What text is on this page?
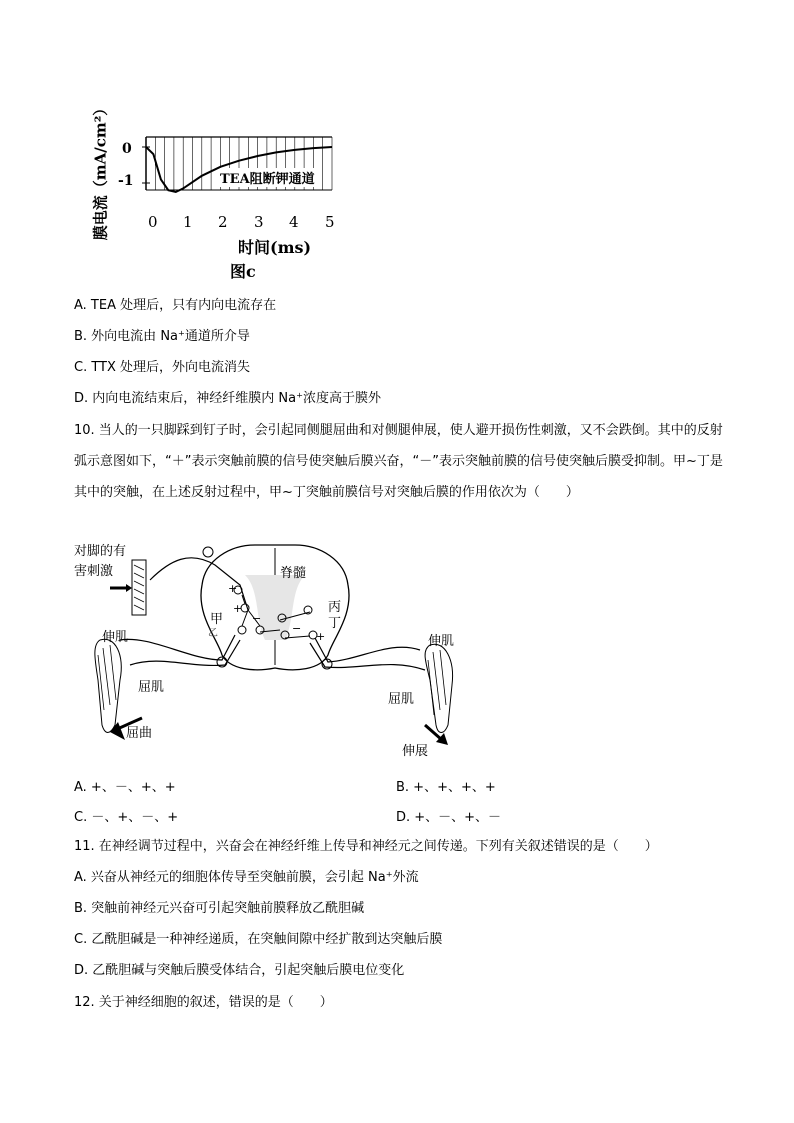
膜电流（mA/cm²） 0
-1	TEA阻断钾通道
0 1 2 3 4 5
时间(ms)
图c
A. TEA 处理后，只有内向电流存在
B. 外向电流由 Na⁺通道所介导
C. TTX 处理后，外向电流消失
D. 内向电流结束后，神经纤维膜内 Na⁺浓度高于膜外
10. 当人的一只脚踩到钉子时，会引起同侧腿屈曲和对侧腿伸展，使人避开损伤性刺激，又不会跌倒。其中的反射弧示意图如下，“＋”表示突触前膜的信号使突触后膜兴奋，“－”表示突触前膜的信号使突触后膜受抑制。甲~丁是其中的突触，在上述反射过程中，甲~丁突触前膜信号对突触后膜的作用依次为（　　）
+
+
−
+
−
对脚的有害刺激	脊髓
甲
乙
丙
丁
伸肌
屈肌
屈曲
伸肌
屈肌
伸展
A. +、－、+、+	B. +、+、+、+
C. －、+、－、+	D. +、－、+、－
11. 在神经调节过程中，兴奋会在神经纤维上传导和神经元之间传递。下列有关叙述错误的是（　　）
A. 兴奋从神经元的细胞体传导至突触前膜，会引起 Na⁺外流
B. 突触前神经元兴奋可引起突触前膜释放乙酰胆碱
C. 乙酰胆碱是一种神经递质，在突触间隙中经扩散到达突触后膜
D. 乙酰胆碱与突触后膜受体结合，引起突触后膜电位变化
12. 关于神经细胞的叙述，错误的是（　　）
